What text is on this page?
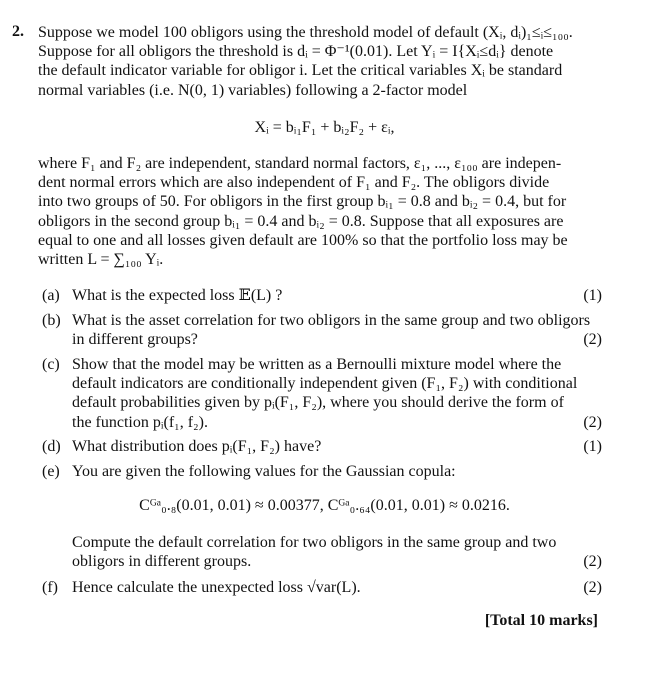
2. Suppose we model 100 obligors using the threshold model of default (Xᵢ, dᵢ)₁≤ᵢ≤₁₀₀.
Suppose for all obligors the threshold is dᵢ = Φ⁻¹(0.01). Let Yᵢ = I{Xᵢ≤dᵢ} denote
the default indicator variable for obligor i. Let the critical variables Xᵢ be standard
normal variables (i.e. N(0, 1) variables) following a 2-factor model
Xᵢ = bᵢ₁F₁ + bᵢ₂F₂ + εᵢ,
where F₁ and F₂ are independent, standard normal factors, ε₁, ..., ε₁₀₀ are indepen-
dent normal errors which are also independent of F₁ and F₂. The obligors divide
into two groups of 50. For obligors in the first group bᵢ₁ = 0.8 and bᵢ₂ = 0.4, but for
obligors in the second group bᵢ₁ = 0.4 and bᵢ₂ = 0.8. Suppose that all exposures are
equal to one and all losses given default are 100% so that the portfolio loss may be
written L = ∑₁₀₀ Yᵢ.
(a) What is the expected loss 𝔼(L) ?	(1)
(b) What is the asset correlation for two obligors in the same group and two obligors
in different groups?	(2)
(c) Show that the model may be written as a Bernoulli mixture model where the
default indicators are conditionally independent given (F₁, F₂) with conditional
default probabilities given by pᵢ(F₁, F₂), where you should derive the form of
the function pᵢ(f₁, f₂).	(2)
(d) What distribution does pᵢ(F₁, F₂) have?	(1)
(e) You are given the following values for the Gaussian copula:
Cᴳᵃ₀.₈(0.01, 0.01) ≈ 0.00377, Cᴳᵃ₀.₆₄(0.01, 0.01) ≈ 0.0216.
Compute the default correlation for two obligors in the same group and two
obligors in different groups.	(2)
(f) Hence calculate the unexpected loss √var(L).	(2)
[Total 10 marks]
